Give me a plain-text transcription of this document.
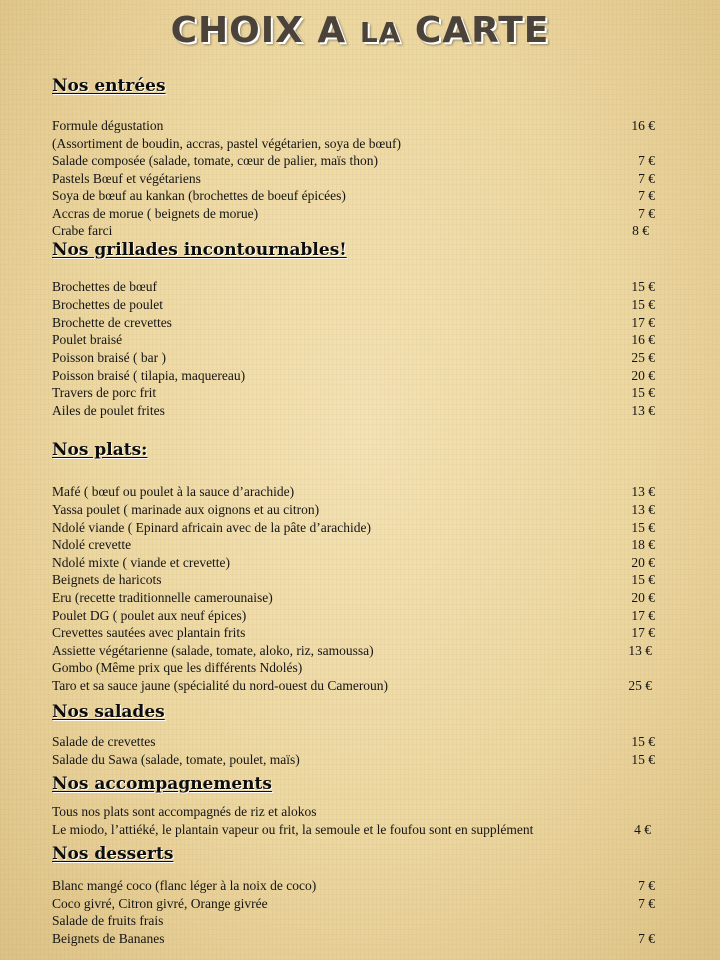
CHOIX A LA CARTE
Nos entrées
Formule dégustation	16 €
(Assortiment de boudin, accras, pastel végétarien, soya de bœuf)
Salade composée (salade, tomate, cœur de palier, maïs thon)	7 €
Pastels Bœuf et végétariens	7 €
Soya de bœuf au kankan (brochettes de boeuf épicées)	7 €
Accras de morue ( beignets de morue)	7 €
Crabe farci	8 €
Nos grillades incontournables!
Brochettes de bœuf	15 €
Brochettes de poulet	15 €
Brochette de crevettes	17 €
Poulet braisé	16 €
Poisson braisé ( bar )	25 €
Poisson braisé ( tilapia, maquereau)	20 €
Travers de porc frit	15 €
Ailes de poulet frites	13 €
Nos plats:
Mafé ( bœuf ou poulet à la sauce d’arachide)	13 €
Yassa poulet ( marinade aux oignons et au citron)	13 €
Ndolé viande ( Epinard africain avec de la pâte d’arachide)	15 €
Ndolé crevette	18 €
Ndolé mixte ( viande et crevette)	20 €
Beignets de haricots	15 €
Eru (recette traditionnelle camerounaise)	20 €
Poulet DG ( poulet aux neuf épices)	17 €
Crevettes sautées avec plantain frits	17 €
Assiette végétarienne (salade, tomate, aloko, riz, samoussa)	13 €
Gombo (Même prix que les différents Ndolés)
Taro et sa sauce jaune (spécialité du nord-ouest du Cameroun)	25 €
Nos salades
Salade de crevettes	15 €
Salade du Sawa (salade, tomate, poulet, maïs)	15 €
Nos accompagnements
Tous nos plats sont accompagnés de riz et alokos
Le miodo, l’attiéké, le plantain vapeur ou frit, la semoule et le foufou sont en supplément	4 €
Nos desserts
Blanc mangé coco (flanc léger à la noix de coco)	7 €
Coco givré, Citron givré, Orange givrée	7 €
Salade de fruits frais
Beignets de Bananes	7 €
